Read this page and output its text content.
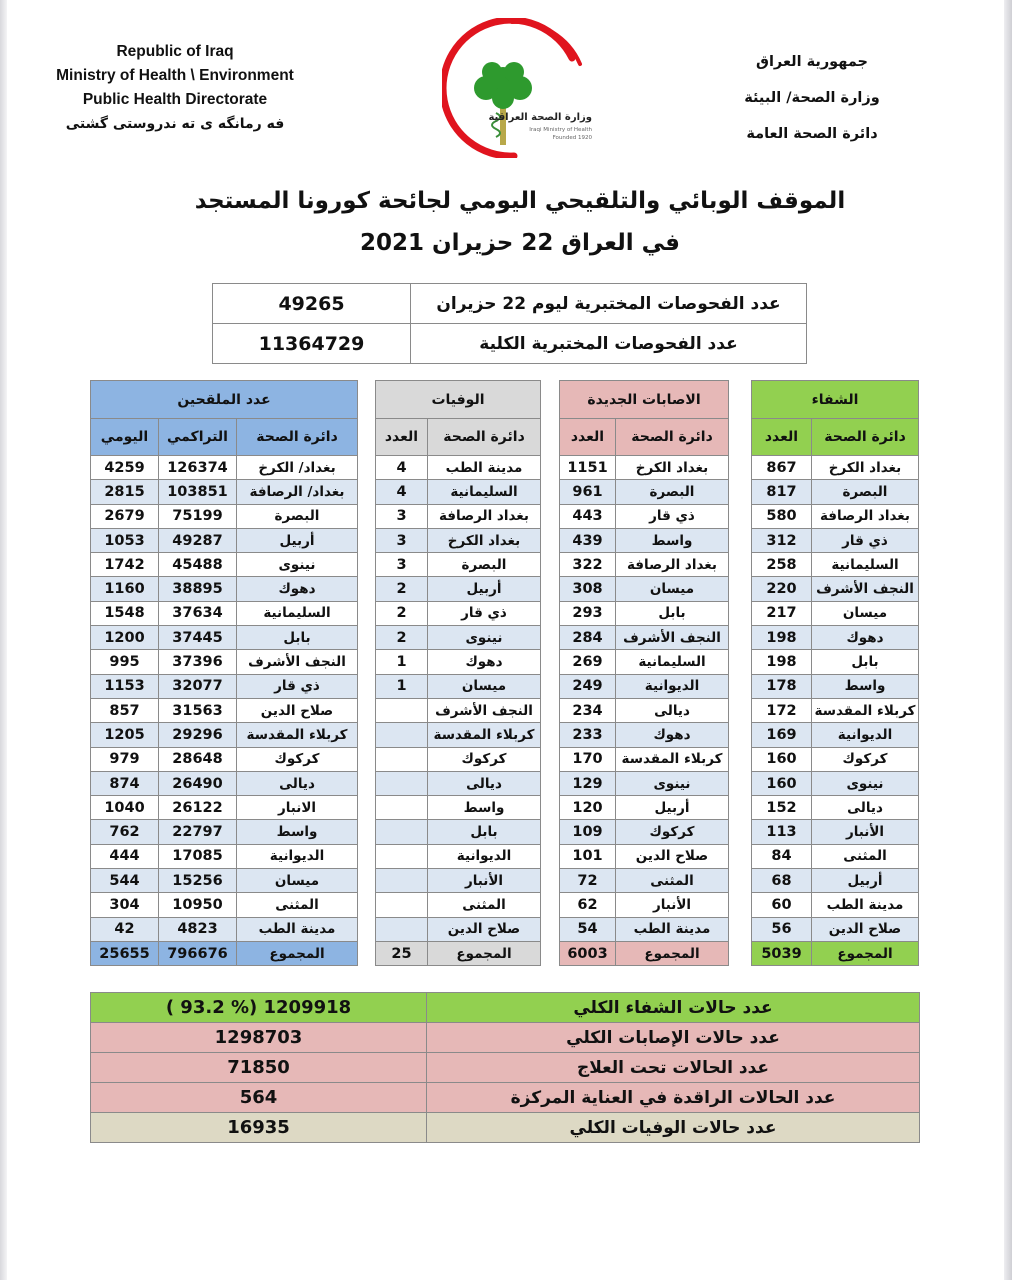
Republic of Iraq
Ministry of Health \ Environment
Public Health Directorate
فه رمانگه ى ته ندروستى گشتى	وزارة الصحة العراقية
Iraqi Ministry of Health
Founded 1920
جمهورية العراق
وزارة الصحة/ البيئة
دائرة الصحة العامة
الموقف الوبائي والتلقيحي اليومي لجائحة كورونا المستجد
في العراق 22 حزيران 2021
49265	عدد الفحوصات المختبرية ليوم 22 حزيران
11364729	عدد الفحوصات المختبرية الكلية
الشفاء	
العدد	دائرة الصحة
867	بغداد الكرخ
817	البصرة
580	بغداد الرصافة
312	ذي قار
258	السليمانية
220	النجف الأشرف
217	ميسان
198	دهوك
198	بابل
178	واسط
172	كربلاء المقدسة
169	الديوانية
160	كركوك
160	نينوى
152	ديالى
113	الأنبار
84	المثنى
68	أربيل
60	مدينة الطب
56	صلاح الدين
5039	المجموع
الاصابات الجديدة	
العدد	دائرة الصحة
1151	بغداد الكرخ
961	البصرة
443	ذي قار
439	واسط
322	بغداد الرصافة
308	ميسان
293	بابل
284	النجف الأشرف
269	السليمانية
249	الديوانية
234	ديالى
233	دهوك
170	كربلاء المقدسة
129	نينوى
120	أربيل
109	كركوك
101	صلاح الدين
72	المثنى
62	الأنبار
54	مدينة الطب
6003	المجموع
الوفيات	
العدد	دائرة الصحة
4	مدينة الطب
4	السليمانية
3	بغداد الرصافة
3	بغداد الكرخ
3	البصرة
2	أربيل
2	ذي قار
2	نينوى
1	دهوك
1	ميسان
	النجف الأشرف
	كربلاء المقدسة
	كركوك
	ديالى
	واسط
	بابل
	الديوانية
	الأنبار
	المثنى
	صلاح الدين
25	المجموع
عدد الملقحين		
اليومي	التراكمي	دائرة الصحة
4259	126374	بغداد/ الكرخ
2815	103851	بغداد/ الرصافة
2679	75199	البصرة
1053	49287	أربيل
1742	45488	نينوى
1160	38895	دهوك
1548	37634	السليمانية
1200	37445	بابل
995	37396	النجف الأشرف
1153	32077	ذي قار
857	31563	صلاح الدين
1205	29296	كربلاء المقدسة
979	28648	كركوك
874	26490	ديالى
1040	26122	الانبار
762	22797	واسط
444	17085	الديوانية
544	15256	ميسان
304	10950	المثنى
42	4823	مدينة الطب
25655	796676	المجموع
( 93.2 %) 1209918	عدد حالات الشفاء الكلي
1298703	عدد حالات الإصابات الكلي
71850	عدد الحالات تحت العلاج
564	عدد الحالات الراقدة في العناية المركزة
16935	عدد حالات الوفيات الكلي
